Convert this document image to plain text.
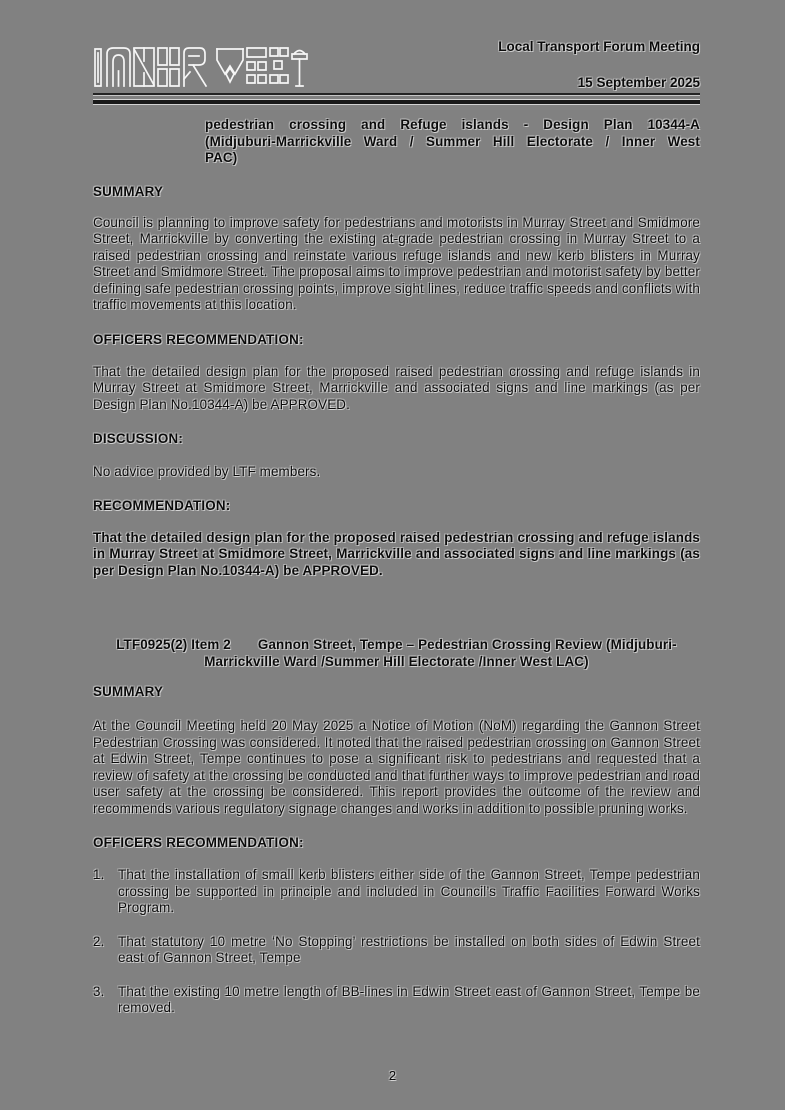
Local Transport Forum Meeting
15 September 2025
pedestrian crossing and Refuge islands - Design Plan 10344-A
(Midjuburi-Marrickville Ward / Summer Hill Electorate / Inner West
PAC)
SUMMARY
Council is planning to improve safety for pedestrians and motorists in Murray Street and Smidmore Street, Marrickville by converting the existing at-grade pedestrian crossing in Murray Street to a raised pedestrian crossing and reinstate various refuge islands and new kerb blisters in Murray Street and Smidmore Street. The proposal aims to improve pedestrian and motorist safety by better defining safe pedestrian crossing points, improve sight lines, reduce traffic speeds and conflicts with traffic movements at this location.
OFFICERS RECOMMENDATION:
That the detailed design plan for the proposed raised pedestrian crossing and refuge islands in Murray Street at Smidmore Street, Marrickville and associated signs and line markings (as per Design Plan No.10344-A) be APPROVED.
DISCUSSION:
No advice provided by LTF members.
RECOMMENDATION:
That the detailed design plan for the proposed raised pedestrian crossing and refuge islands in Murray Street at Smidmore Street, Marrickville and associated signs and line markings (as per Design Plan No.10344-A) be APPROVED.
LTF0925(2) Item 2 Gannon Street, Tempe – Pedestrian Crossing Review (Midjuburi-Marrickville Ward /Summer Hill Electorate /Inner West LAC)
SUMMARY
At the Council Meeting held 20 May 2025 a Notice of Motion (NoM) regarding the Gannon Street Pedestrian Crossing was considered. It noted that the raised pedestrian crossing on Gannon Street at Edwin Street, Tempe continues to pose a significant risk to pedestrians and requested that a review of safety at the crossing be conducted and that further ways to improve pedestrian and road user safety at the crossing be considered. This report provides the outcome of the review and recommends various regulatory signage changes and works in addition to possible pruning works.
OFFICERS RECOMMENDATION:
1.	That the installation of small kerb blisters either side of the Gannon Street, Tempe pedestrian crossing be supported in principle and included in Council’s Traffic Facilities Forward Works Program.
2.	That statutory 10 metre ‘No Stopping’ restrictions be installed on both sides of Edwin Street east of Gannon Street, Tempe
3.	That the existing 10 metre length of BB-lines in Edwin Street east of Gannon Street, Tempe be removed.
2
